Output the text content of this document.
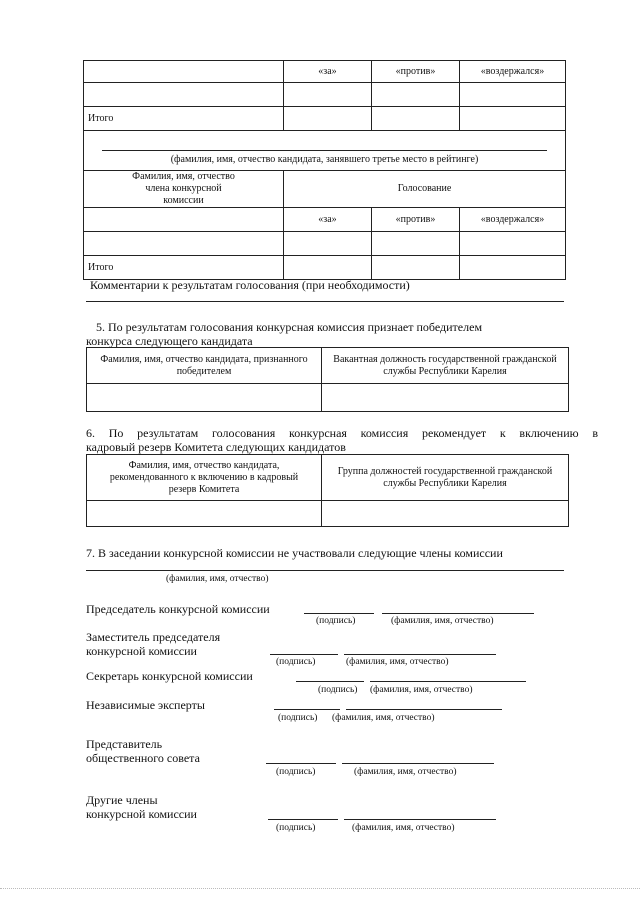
	«за»	«против»	«воздержался»

Итого			
(фамилия, имя, отчество кандидата, занявшего третье место в рейтинге)			
Фамилия, имя, отчество члена конкурсной комиссии	Голосование		
	«за»	«против»	«воздержался»

Итого			
Комментарии к результатам голосования (при необходимости)
5. По результатам голосования конкурсная комиссия признает победителем
конкурса следующего кандидата
Фамилия, имя, отчество кандидата, признанного победителем	Вакантная должность государственной гражданской службы Республики Карелия

6. По результатам голосования конкурсная комиссия рекомендует к включению в
кадровый резерв Комитета следующих кандидатов
Фамилия, имя, отчество кандидата, рекомендованного к включению в кадровый резерв Комитета	Группа должностей государственной гражданской службы Республики Карелия

7. В заседании конкурсной комиссии не участвовали следующие члены комиссии
(фамилия, имя, отчество)
Председатель конкурсной комиссии
(подпись)	(фамилия, имя, отчество)
Заместитель председателя
конкурсной комиссии
(подпись)	(фамилия, имя, отчество)
Секретарь конкурсной комиссии
(подпись) (фамилия, имя, отчество)
Независимые эксперты
(подпись) (фамилия, имя, отчество)
Представитель
общественного совета
(подпись)	(фамилия, имя, отчество)
Другие члены
конкурсной комиссии
(подпись)	(фамилия, имя, отчество)
